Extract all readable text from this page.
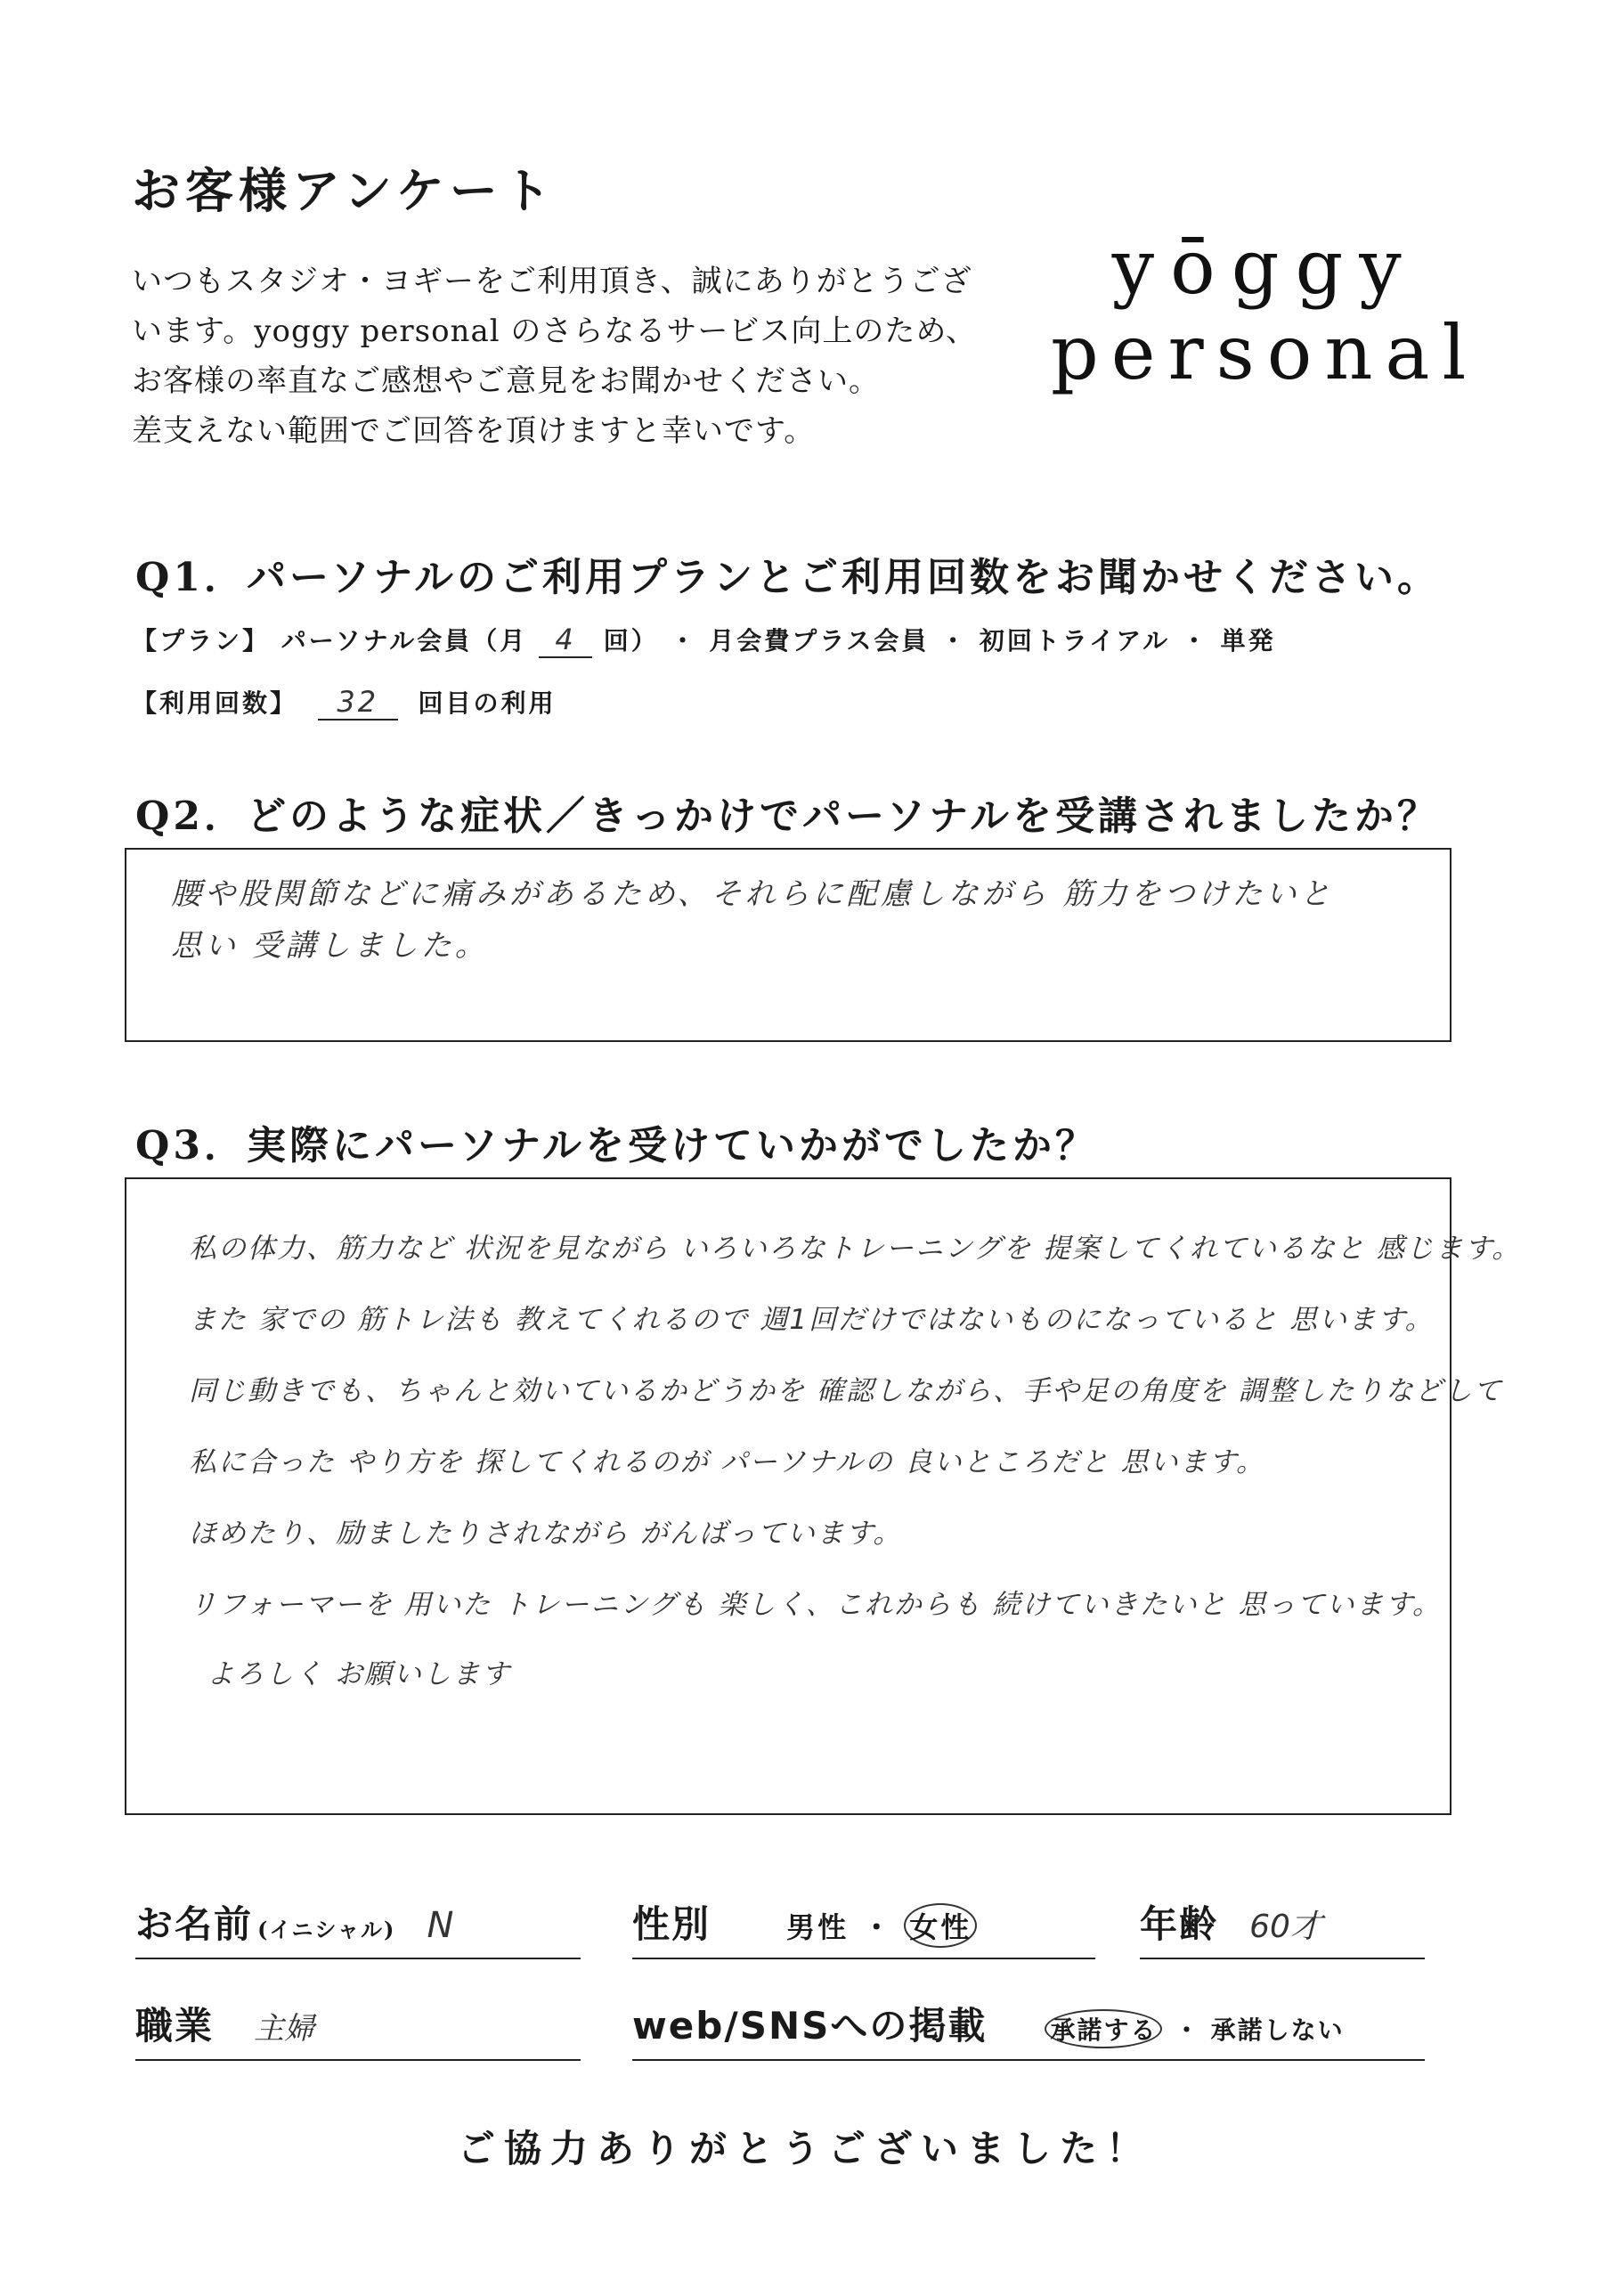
お客様アンケート
いつもスタジオ・ヨギーをご利用頂き、誠にありがとうござ
います。yoggy personal のさらなるサービス向上のため、
お客様の率直なご感想やご意見をお聞かせください。
差支えない範囲でご回答を頂けますと幸いです。
yōggy
personal
Q1．パーソナルのご利用プランとご利用回数をお聞かせください。
【プラン】 パーソナル会員（月 4 回） ・ 月会費プラス会員 ・ 初回トライアル ・ 単発
【利用回数】 32 回目の利用
Q2．どのような症状／きっかけでパーソナルを受講されましたか？
腰や股関節などに痛みがあるため、それらに配慮しながら 筋力をつけたいと
思い 受講しました。
Q3．実際にパーソナルを受けていかがでしたか？
私の体力、筋力など 状況を見ながら いろいろなトレーニングを 提案してくれているなと 感じます。
また 家での 筋トレ法も 教えてくれるので 週1回だけではないものになっていると 思います。
同じ動きでも、ちゃんと効いているかどうかを 確認しながら、手や足の角度を 調整したりなどして
私に合った やり方を 探してくれるのが パーソナルの 良いところだと 思います。
ほめたり、励ましたりされながら がんばっています。
リフォーマーを 用いた トレーニングも 楽しく、これからも 続けていきたいと 思っています。
よろしく お願いします
お名前 (イニシャル) N	性別	男性 ・ 女性	年齢 60才
職業 主婦	web/SNSへの掲載	承諾する ・ 承諾しない
ご協力ありがとうございました！
